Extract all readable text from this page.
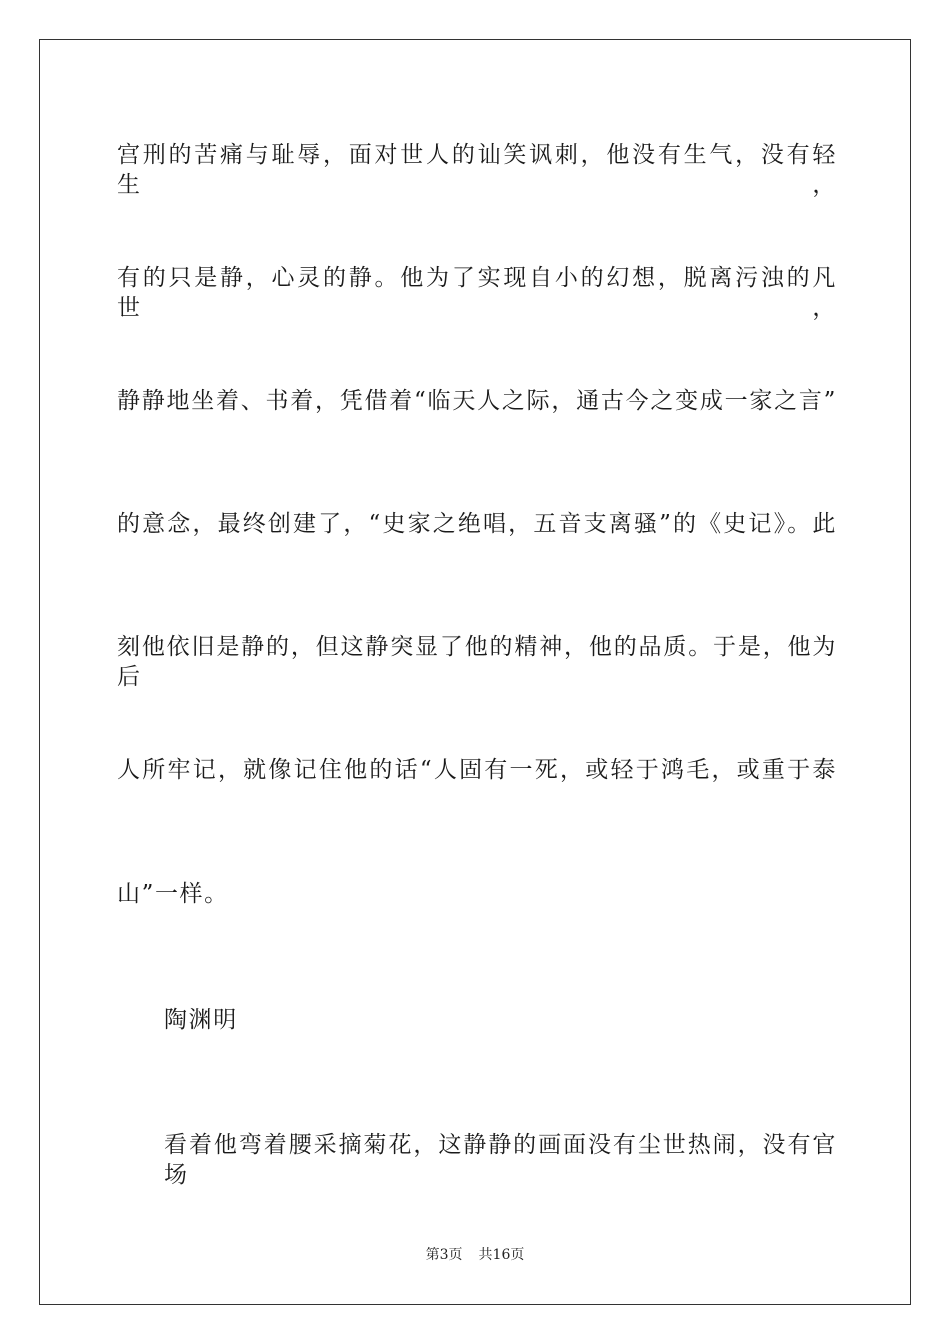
宫刑的苦痛与耻辱，面对世人的讪笑讽刺，他没有生气，没有轻生，
有的只是静，心灵的静。他为了实现自小的幻想，脱离污浊的凡世，
静静地坐着、书着，凭借着“临天人之际，通古今之变成一家之言”
的意念，最终创建了，“史家之绝唱，五音支离骚”的《史记》。此
刻他依旧是静的，但这静突显了他的精神，他的品质。于是，他为后
人所牢记，就像记住他的话“人固有一死，或轻于鸿毛，或重于泰
山”一样。
陶渊明
看着他弯着腰采摘菊花，这静静的画面没有尘世热闹，没有官场
第3页 共16页
